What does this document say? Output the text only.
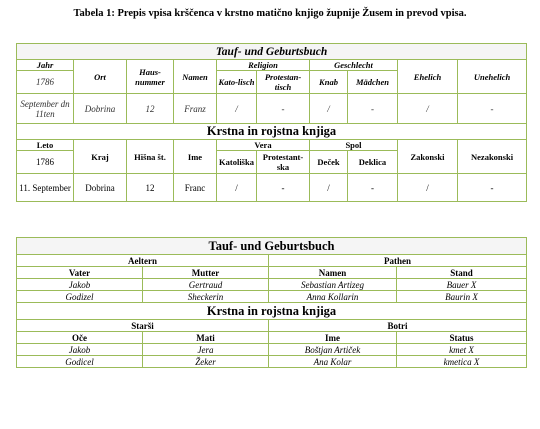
Tabela 1: Prepis vpisa krščenca v krstno matično knjigo župnije Žusem in prevod vpisa.
Tauf- und Geburtsbuch									
Jahr	Ort	Haus-nummer	Namen	Religion		Geschlecht		Ehelich	Unehelich
1786				Kato-lisch	Protestan-tisch	Knab	Mädchen		
September dn 11ten	Dobrina	12	Franz	/	-	/	-	/	-
Krstna in rojstna knjiga									
Leto	Kraj	Hišna št.	Ime	Vera		Spol		Zakonski	Nezakonski
1786				Katoliška	Protestant-ska	Deček	Deklica		
11. September	Dobrina	12	Franc	/	-	/	-	/	-
Tauf- und Geburtsbuch			
Aeltern		Pathen	
Vater	Mutter	Namen	Stand
Jakob	Gertraud	Sebastian Artizeg	Bauer X
Godizel	Sheckerin	Anna Kollarin	Baurin X
Krstna in rojstna knjiga			
Starši		Botri	
Oče	Mati	Ime	Status
Jakob	Jera	Boštjan Artiček	kmet X
Godicel	Žeker	Ana Kolar	kmetica X
